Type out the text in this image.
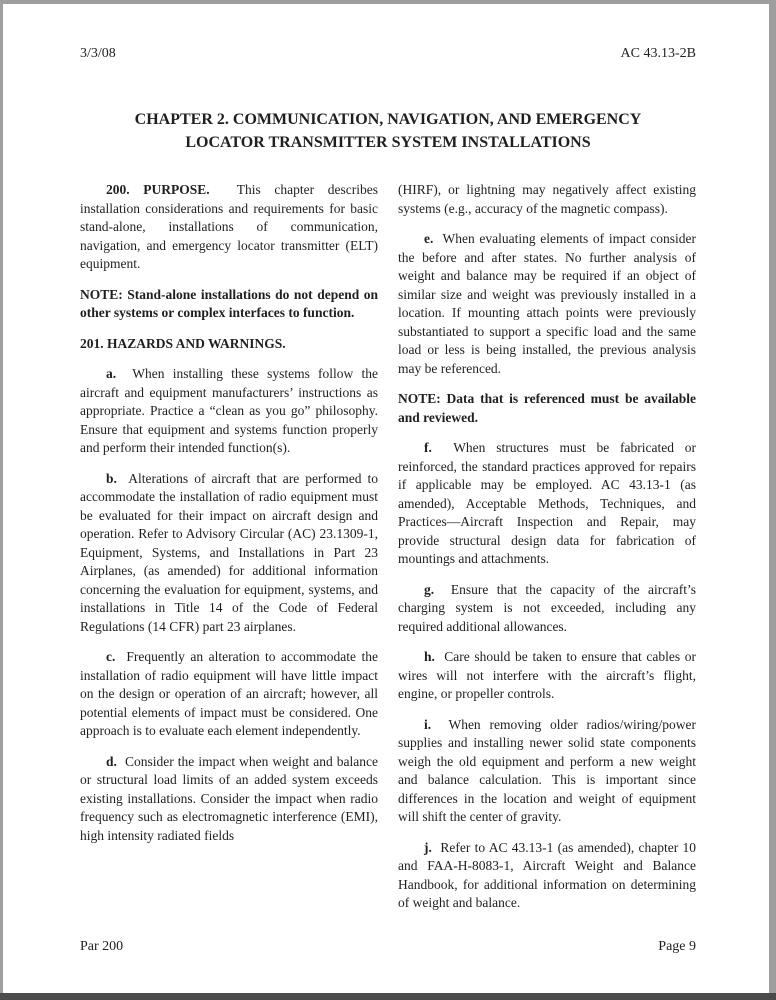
3/3/08	AC 43.13-2B
CHAPTER 2. COMMUNICATION, NAVIGATION, AND EMERGENCY
LOCATOR TRANSMITTER SYSTEM INSTALLATIONS

200. PURPOSE. This chapter describes installation considerations and requirements for basic stand-alone, installations of communication, navigation, and emergency locator transmitter (ELT) equipment.

NOTE: Stand-alone installations do not depend on other systems or complex interfaces to function.

201. HAZARDS AND WARNINGS.

a. When installing these systems follow the aircraft and equipment manufacturers’ instructions as appropriate. Practice a “clean as you go” philosophy. Ensure that equipment and systems function properly and perform their intended function(s).

b. Alterations of aircraft that are performed to accommodate the installation of radio equipment must be evaluated for their impact on aircraft design and operation. Refer to Advisory Circular (AC) 23.1309-1, Equipment, Systems, and Installations in Part 23 Airplanes, (as amended) for additional information concerning the evaluation for equipment, systems, and installations in Title 14 of the Code of Federal Regulations (14 CFR) part 23 airplanes.

c. Frequently an alteration to accommodate the installation of radio equipment will have little impact on the design or operation of an aircraft; however, all potential elements of impact must be considered. One approach is to evaluate each element independently.

d. Consider the impact when weight and balance or structural load limits of an added system exceeds existing installations. Consider the impact when radio frequency such as electromagnetic interference (EMI), high intensity radiated fields

(HIRF), or lightning may negatively affect existing systems (e.g., accuracy of the magnetic compass).

e. When evaluating elements of impact consider the before and after states. No further analysis of weight and balance may be required if an object of similar size and weight was previously installed in a location. If mounting attach points were previously substantiated to support a specific load and the same load or less is being installed, the previous analysis may be referenced.

NOTE: Data that is referenced must be available and reviewed.

f. When structures must be fabricated or reinforced, the standard practices approved for repairs if applicable may be employed. AC 43.13-1 (as amended), Acceptable Methods, Techniques, and Practices—Aircraft Inspection and Repair, may provide structural design data for fabrication of mountings and attachments.

g. Ensure that the capacity of the aircraft’s charging system is not exceeded, including any required additional allowances.

h. Care should be taken to ensure that cables or wires will not interfere with the aircraft’s flight, engine, or propeller controls.

i. When removing older radios/wiring/power supplies and installing newer solid state components weigh the old equipment and perform a new weight and balance calculation. This is important since differences in the location and weight of equipment will shift the center of gravity.

j. Refer to AC 43.13-1 (as amended), chapter 10 and FAA-H-8083-1, Aircraft Weight and Balance Handbook, for additional information on determining of weight and balance.

Par 200	Page 9
